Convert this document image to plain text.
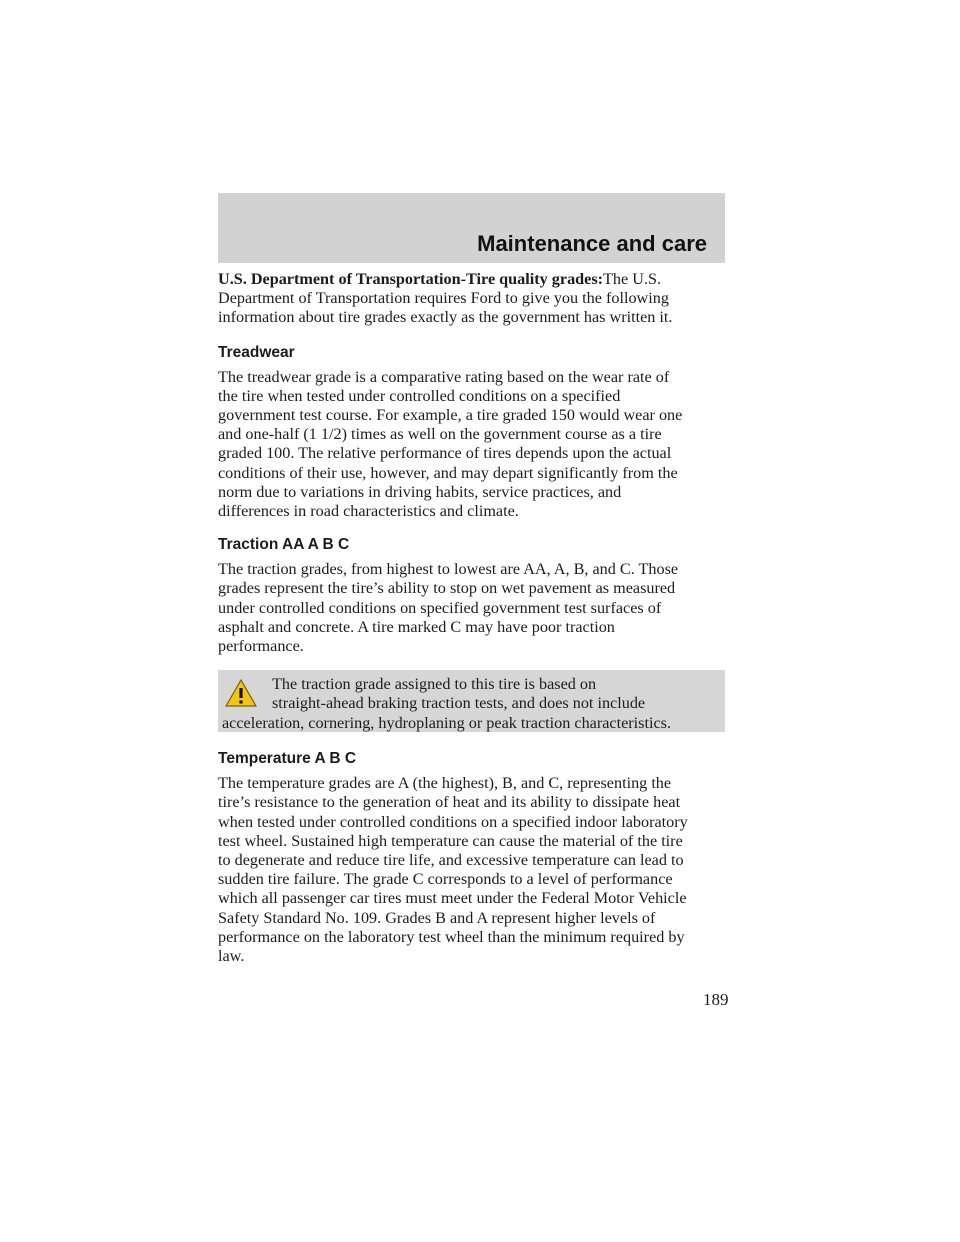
Maintenance and care

U.S. Department of Transportation-Tire quality grades:The U.S.
Department of Transportation requires Ford to give you the following
information about tire grades exactly as the government has written it.

Treadwear

The treadwear grade is a comparative rating based on the wear rate of
the tire when tested under controlled conditions on a specified
government test course. For example, a tire graded 150 would wear one
and one-half (1 1/2) times as well on the government course as a tire
graded 100. The relative performance of tires depends upon the actual
conditions of their use, however, and may depart significantly from the
norm due to variations in driving habits, service practices, and
differences in road characteristics and climate.

Traction AA A B C

The traction grades, from highest to lowest are AA, A, B, and C. Those
grades represent the tire’s ability to stop on wet pavement as measured
under controlled conditions on specified government test surfaces of
asphalt and concrete. A tire marked C may have poor traction
performance.

The traction grade assigned to this tire is based on
straight-ahead braking traction tests, and does not include
acceleration, cornering, hydroplaning or peak traction characteristics.

Temperature A B C

The temperature grades are A (the highest), B, and C, representing the
tire’s resistance to the generation of heat and its ability to dissipate heat
when tested under controlled conditions on a specified indoor laboratory
test wheel. Sustained high temperature can cause the material of the tire
to degenerate and reduce tire life, and excessive temperature can lead to
sudden tire failure. The grade C corresponds to a level of performance
which all passenger car tires must meet under the Federal Motor Vehicle
Safety Standard No. 109. Grades B and A represent higher levels of
performance on the laboratory test wheel than the minimum required by
law.

189
